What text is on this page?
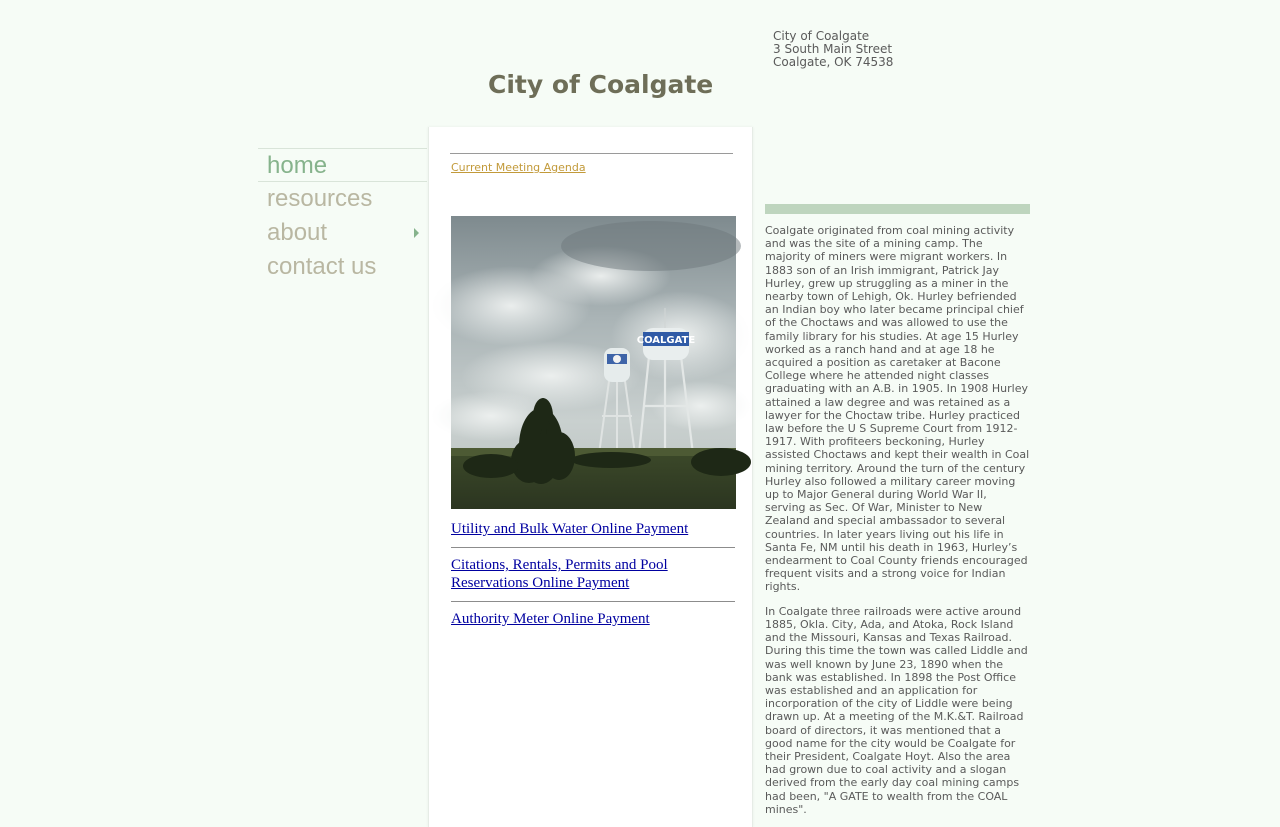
City of Coalgate
3 South Main Street
Coalgate, OK 74538
City of Coalgate
home
resources
about
contact us
Current Meeting Agenda
COALGATE
Utility and Bulk Water Online Payment
Citations, Rentals, Permits and Pool Reservations Online Payment
Authority Meter Online Payment

Coalgate originated from coal mining activity and was the site of a mining camp. The majority of miners were migrant workers. In 1883 son of an Irish immigrant, Patrick Jay Hurley, grew up struggling as a miner in the nearby town of Lehigh, Ok. Hurley befriended an Indian boy who later became principal chief of the Choctaws and was allowed to use the family library for his studies. At age 15 Hurley worked as a ranch hand and at age 18 he acquired a position as caretaker at Bacone College where he attended night classes graduating with an A.B. in 1905. In 1908 Hurley attained a law degree and was retained as a lawyer for the Choctaw tribe. Hurley practiced law before the U S Supreme Court from 1912-1917. With profiteers beckoning, Hurley assisted Choctaws and kept their wealth in Coal mining territory. Around the turn of the century Hurley also followed a military career moving up to Major General during World War II, serving as Sec. Of War, Minister to New Zealand and special ambassador to several countries. In later years living out his life in Santa Fe, NM until his death in 1963, Hurley’s endearment to Coal County friends encouraged frequent visits and a strong voice for Indian rights.

In Coalgate three railroads were active around 1885, Okla. City, Ada, and Atoka, Rock Island and the Missouri, Kansas and Texas Railroad. During this time the town was called Liddle and was well known by June 23, 1890 when the bank was established. In 1898 the Post Office was established and an application for incorporation of the city of Liddle were being drawn up. At a meeting of the M.K.&T. Railroad board of directors, it was mentioned that a good name for the city would be Coalgate for their President, Coalgate Hoyt. Also the area had grown due to coal activity and a slogan derived from the early day coal mining camps had been, "A GATE to wealth from the COAL mines".
